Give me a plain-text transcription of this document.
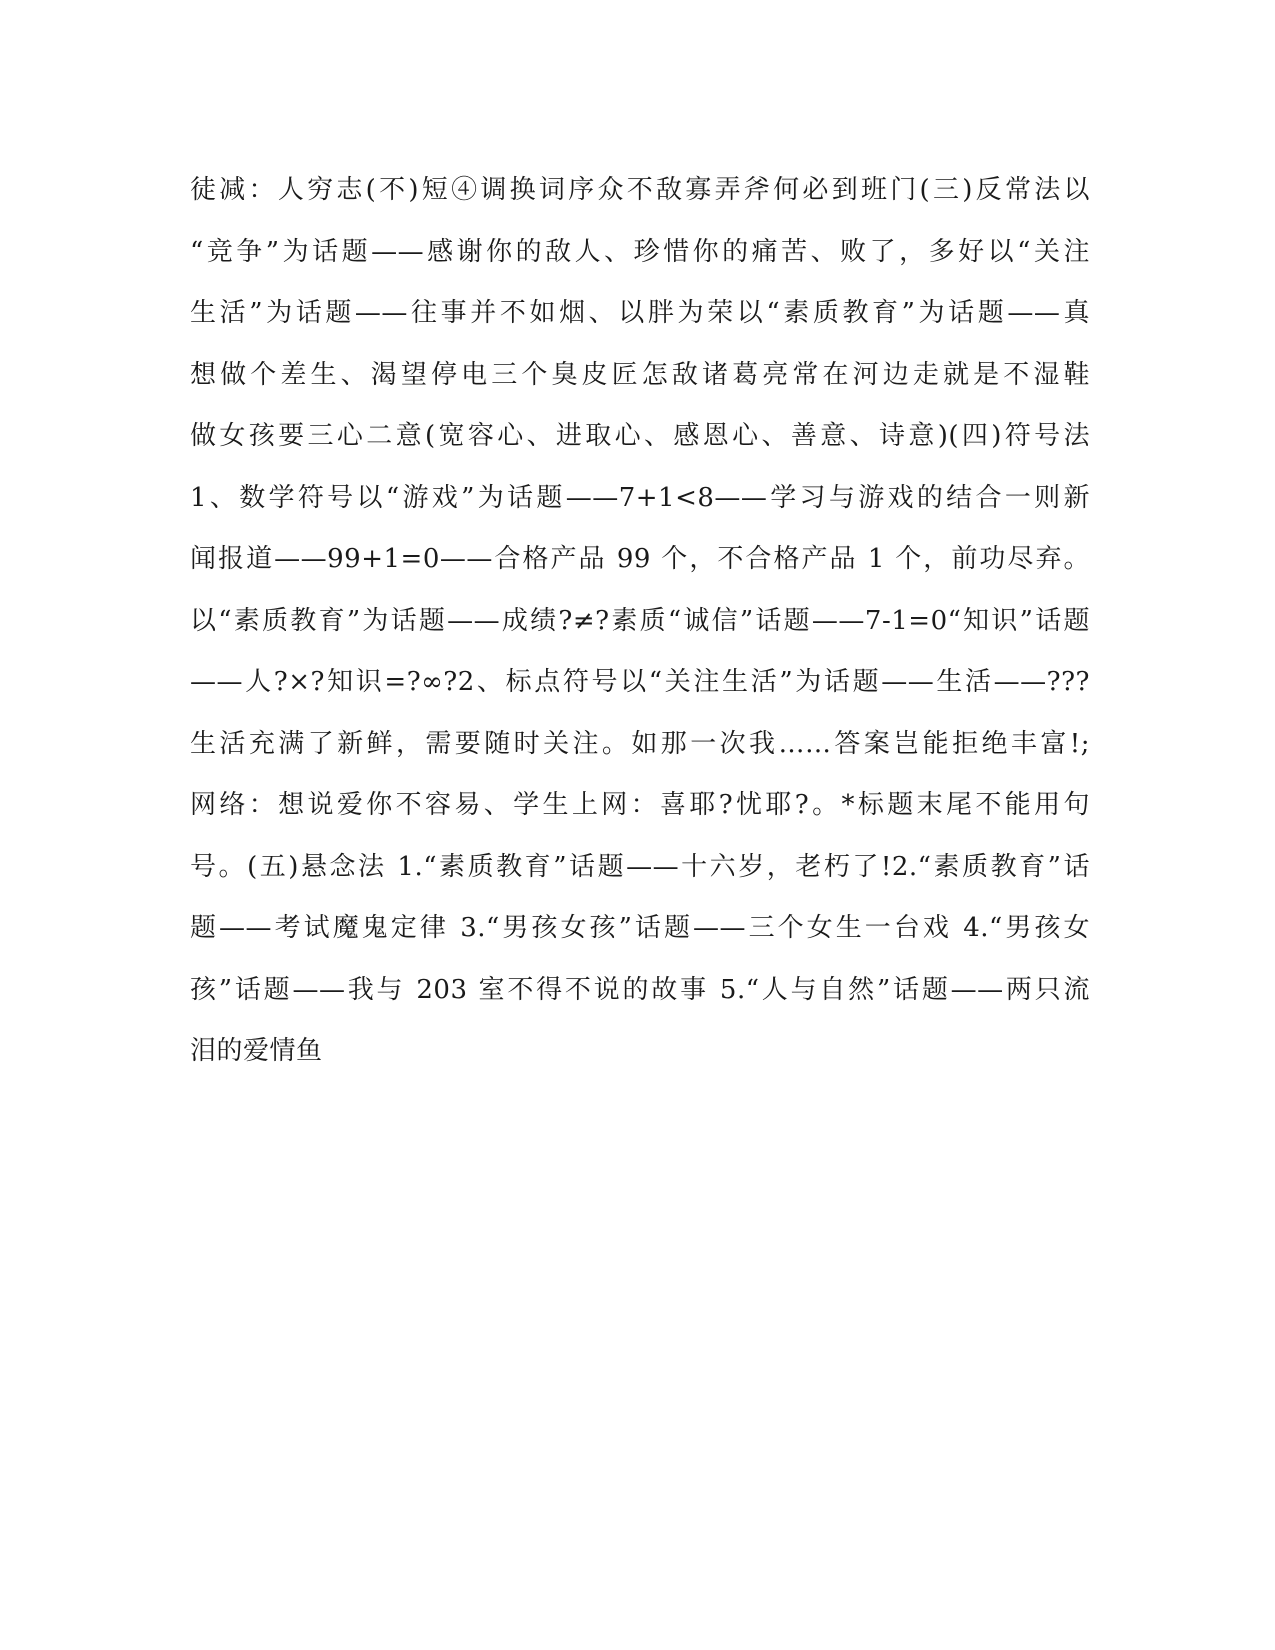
徒减：人穷志(不)短④调换词序众不敌寡弄斧何必到班门(三)反常法以
“竞争”为话题——感谢你的敌人、珍惜你的痛苦、败了，多好以“关注
生活”为话题——往事并不如烟、以胖为荣以“素质教育”为话题——真
想做个差生、渴望停电三个臭皮匠怎敌诸葛亮常在河边走就是不湿鞋
做女孩要三心二意(宽容心、进取心、感恩心、善意、诗意)(四)符号法
1、数学符号以“游戏”为话题——7+1<8——学习与游戏的结合一则新
闻报道——99+1=0——合格产品 99 个，不合格产品 1 个，前功尽弃。
以“素质教育”为话题——成绩?≠?素质“诚信”话题——7-1=0“知识”话题
——人?×?知识=?∞?2、标点符号以“关注生活”为话题——生活——???
生活充满了新鲜，需要随时关注。如那一次我……答案岂能拒绝丰富!;
网络：想说爱你不容易、学生上网：喜耶?忧耶?。*标题末尾不能用句
号。(五)悬念法 1.“素质教育”话题——十六岁，老朽了!2.“素质教育”话
题——考试魔鬼定律 3.“男孩女孩”话题——三个女生一台戏 4.“男孩女
孩”话题——我与 203 室不得不说的故事 5.“人与自然”话题——两只流
泪的爱情鱼
